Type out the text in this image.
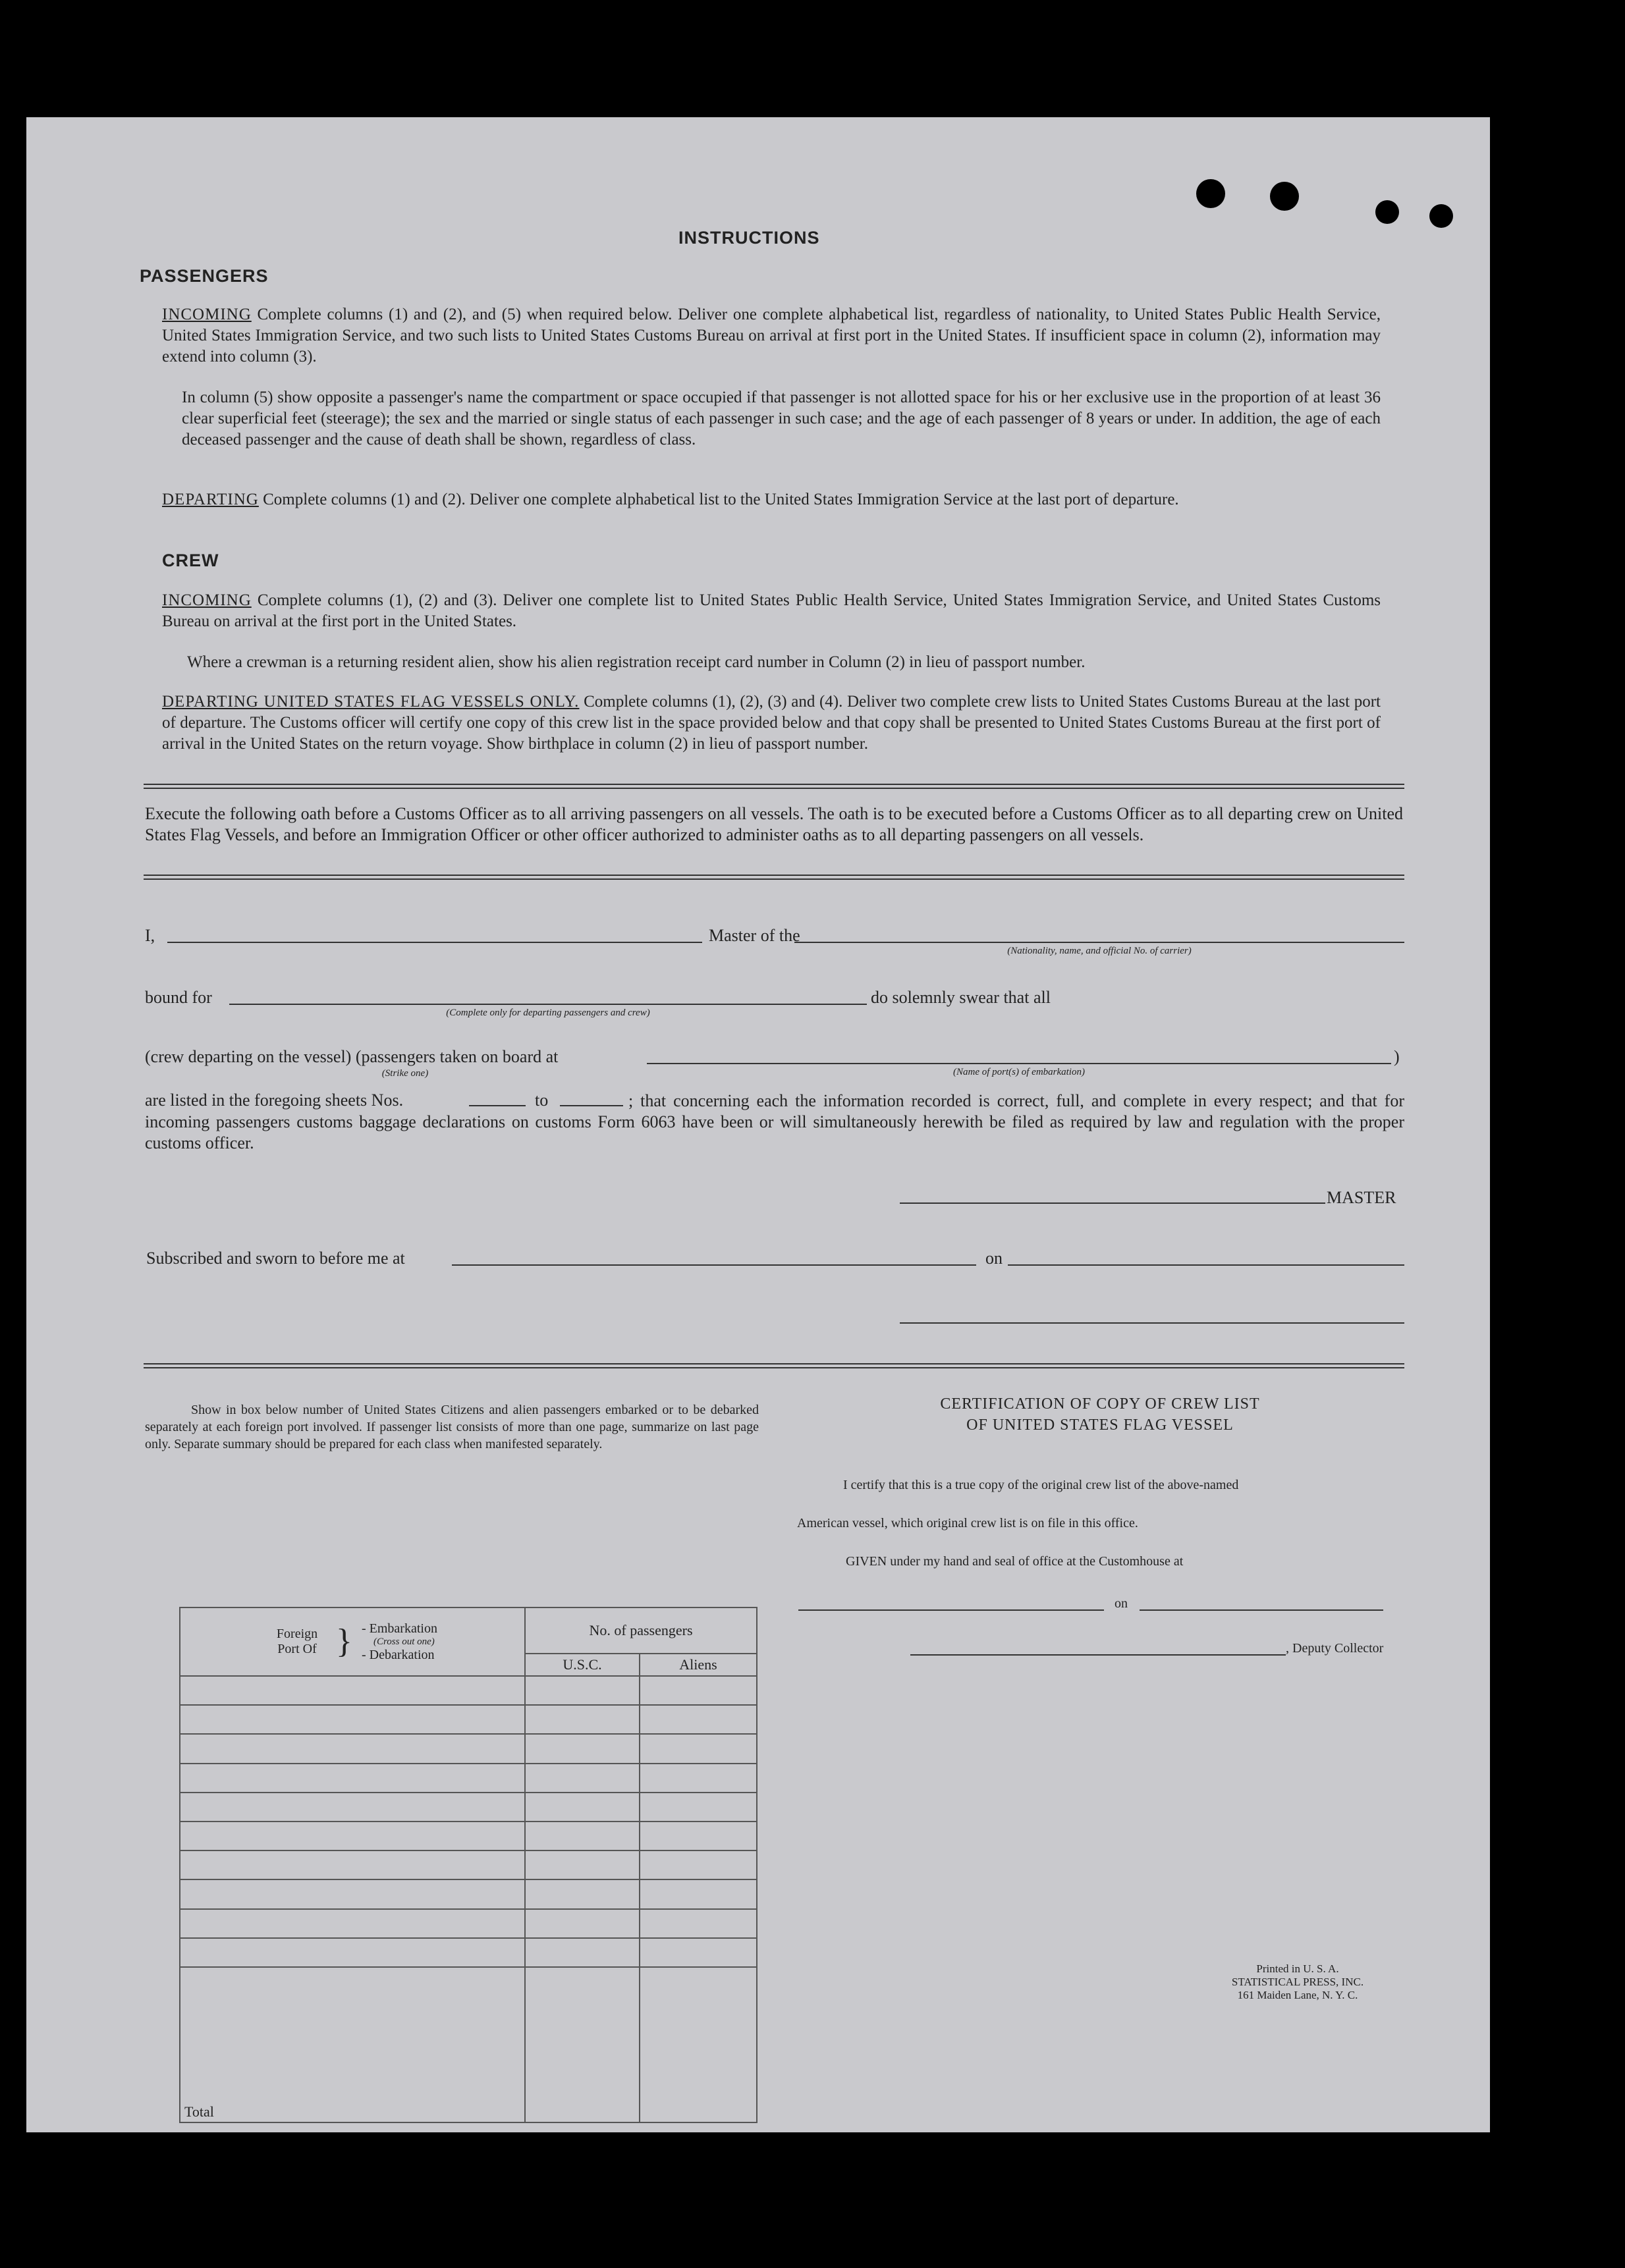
INSTRUCTIONS
PASSENGERS
INCOMING Complete columns (1) and (2), and (5) when required below. Deliver one complete alphabetical list, regardless of nationality, to United States Public Health Service, United States Immigration Service, and two such lists to United States Customs Bureau on arrival at first port in the United States. If insufficient space in column (2), information may extend into column (3).
In column (5) show opposite a passenger's name the compartment or space occupied if that passenger is not allotted space for his or her exclusive use in the proportion of at least 36 clear superficial feet (steerage); the sex and the married or single status of each passenger in such case; and the age of each passenger of 8 years or under. In addition, the age of each deceased passenger and the cause of death shall be shown, regardless of class.
DEPARTING Complete columns (1) and (2). Deliver one complete alphabetical list to the United States Immigration Service at the last port of departure.
CREW
INCOMING Complete columns (1), (2) and (3). Deliver one complete list to United States Public Health Service, United States Immigration Service, and United States Customs Bureau on arrival at the first port in the United States.
Where a crewman is a returning resident alien, show his alien registration receipt card number in Column (2) in lieu of passport number.
DEPARTING UNITED STATES FLAG VESSELS ONLY. Complete columns (1), (2), (3) and (4). Deliver two complete crew lists to United States Customs Bureau at the last port of departure. The Customs officer will certify one copy of this crew list in the space provided below and that copy shall be presented to United States Customs Bureau at the first port of arrival in the United States on the return voyage. Show birthplace in column (2) in lieu of passport number.
Execute the following oath before a Customs Officer as to all arriving passengers on all vessels. The oath is to be executed before a Customs Officer as to all departing crew on United States Flag Vessels, and before an Immigration Officer or other officer authorized to administer oaths as to all departing passengers on all vessels.
I,	Master of the
(Nationality, name, and official No. of carrier)
bound for
(Complete only for departing passengers and crew)
do solemnly swear that all
(crew departing on the vessel) (passengers taken on board at
(Strike one)	(Name of port(s) of embarkation)
)
are listed in the foregoing sheets Nos.	to	; that concerning each the information recorded is correct, full, and complete in every respect; and that for incoming passengers customs baggage declarations on customs Form 6063 have been or will simultaneously herewith be filed as required by law and regulation with the proper customs officer.
MASTER
Subscribed and sworn to before me at	on
Show in box below number of United States Citizens and alien passengers embarked or to be debarked separately at each foreign port involved. If passenger list consists of more than one page, summarize on last page only. Separate summary should be prepared for each class when manifested separately.
Foreign Port Of } - Embarkation
(Cross out one)
- Debarkation	No. of passengers	
	U.S.C.	Aliens

Total		
CERTIFICATION OF COPY OF CREW LIST
OF UNITED STATES FLAG VESSEL
I certify that this is a true copy of the original crew list of the above-named
American vessel, which original crew list is on file in this office.
GIVEN under my hand and seal of office at the Customhouse at
on
, Deputy Collector
Printed in U. S. A.
STATISTICAL PRESS, INC.
161 Maiden Lane, N. Y. C.
